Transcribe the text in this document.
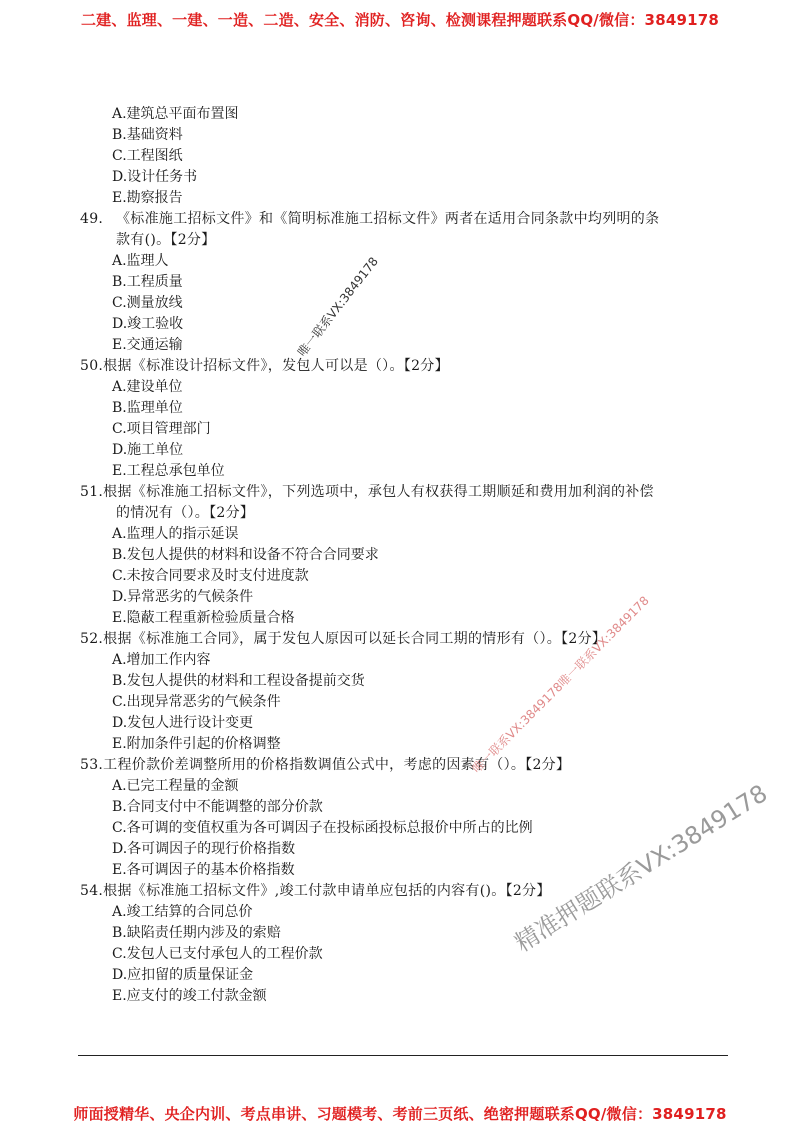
二建、监理、一建、一造、二造、安全、消防、咨询、检测课程押题联系QQ/微信：3849178
A.建筑总平面布置图
B.基础资料
C.工程图纸
D.设计任务书
E.勘察报告
49. 《标准施工招标文件》和《简明标准施工招标文件》两者在适用合同条款中均列明的条
款有()。【2分】
A.监理人
B.工程质量
C.测量放线
D.竣工验收
E.交通运输
50.根据《标准设计招标文件》，发包人可以是（）。【2分】
A.建设单位
B.监理单位
C.项目管理部门
D.施工单位
E.工程总承包单位
51.根据《标准施工招标文件》，下列选项中，承包人有权获得工期顺延和费用加利润的补偿
的情况有（）。【2分】
A.监理人的指示延误
B.发包人提供的材料和设备不符合合同要求
C.未按合同要求及时支付进度款
D.异常恶劣的气候条件
E.隐蔽工程重新检验质量合格
52.根据《标准施工合同》，属于发包人原因可以延长合同工期的情形有（）。【2分】
A.增加工作内容
B.发包人提供的材料和工程设备提前交货
C.出现异常恶劣的气候条件
D.发包人进行设计变更
E.附加条件引起的价格调整
53.工程价款价差调整所用的价格指数调值公式中，考虑的因素有（）。【2分】
A.已完工程量的金额
B.合同支付中不能调整的部分价款
C.各可调的变值权重为各可调因子在投标函投标总报价中所占的比例
D.各可调因子的现行价格指数
E.各可调因子的基本价格指数
54.根据《标准施工招标文件》,竣工付款申请单应包括的内容有()。【2分】
A.竣工结算的合同总价
B.缺陷责任期内涉及的索赔
C.发包人已支付承包人的工程价款
D.应扣留的质量保证金
E.应支付的竣工付款金额
唯一联系VX:3849178
唯一联系VX:3849178唯一联系VX:3849178
精准押题联系VX:3849178
师面授精华、央企内训、考点串讲、习题模考、考前三页纸、绝密押题联系QQ/微信：3849178
